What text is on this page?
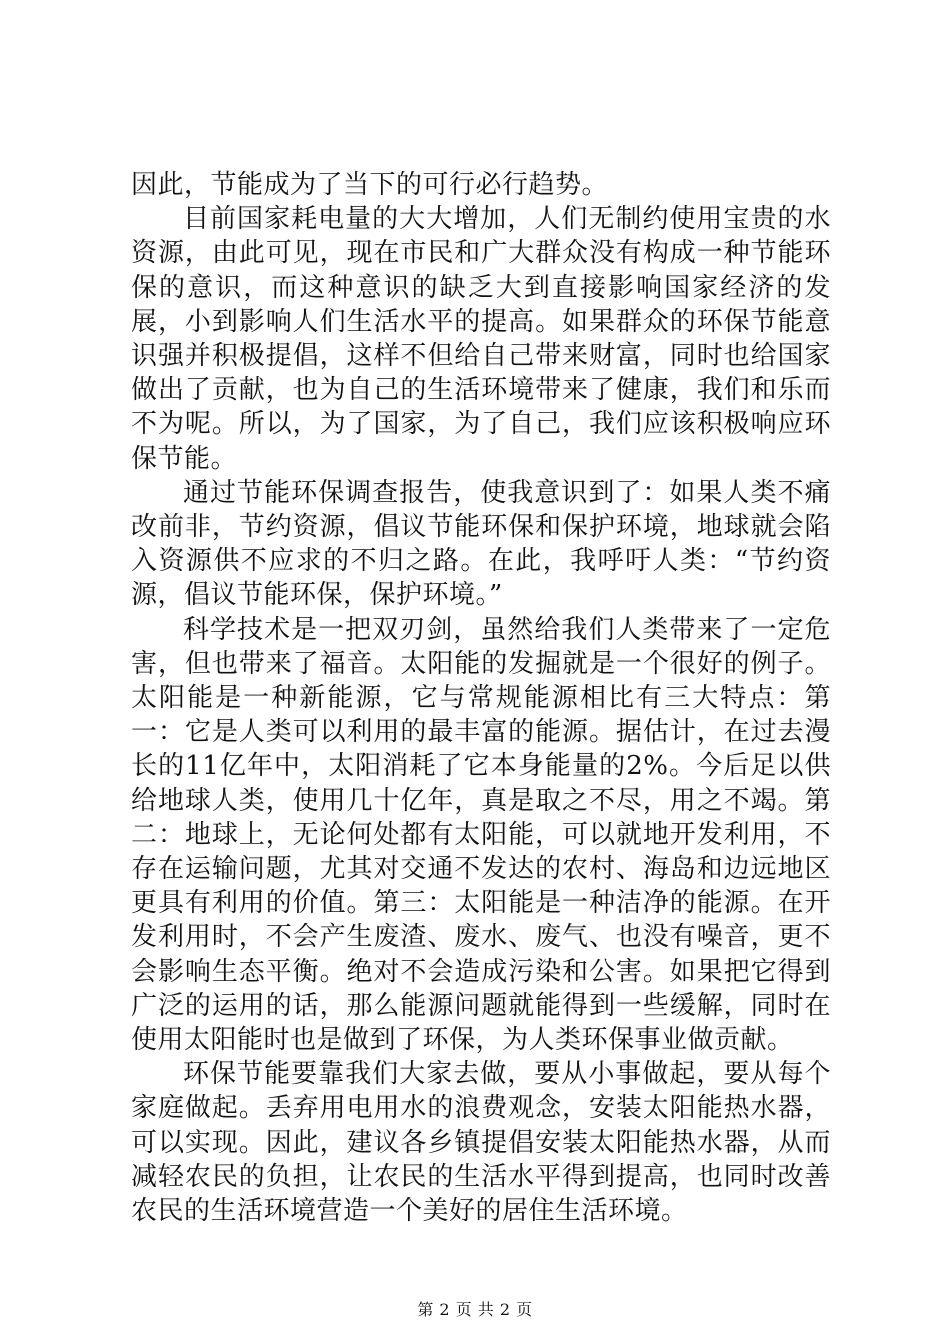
因此，节能成为了当下的可行必行趋势。

目前国家耗电量的大大增加，人们无制约使用宝贵的水资源，由此可见，现在市民和广大群众没有构成一种节能环保的意识，而这种意识的缺乏大到直接影响国家经济的发展，小到影响人们生活水平的提高。如果群众的环保节能意识强并积极提倡，这样不但给自己带来财富，同时也给国家做出了贡献，也为自己的生活环境带来了健康，我们和乐而不为呢。所以，为了国家，为了自己，我们应该积极响应环保节能。

通过节能环保调查报告，使我意识到了：如果人类不痛改前非，节约资源，倡议节能环保和保护环境，地球就会陷入资源供不应求的不归之路。在此，我呼吁人类：“节约资源，倡议节能环保，保护环境。”

科学技术是一把双刃剑，虽然给我们人类带来了一定危害，但也带来了福音。太阳能的发掘就是一个很好的例子。太阳能是一种新能源，它与常规能源相比有三大特点：第一：它是人类可以利用的最丰富的能源。据估计，在过去漫长的11亿年中，太阳消耗了它本身能量的2%。今后足以供给地球人类，使用几十亿年，真是取之不尽，用之不竭。第二：地球上，无论何处都有太阳能，可以就地开发利用，不存在运输问题，尤其对交通不发达的农村、海岛和边远地区更具有利用的价值。第三：太阳能是一种洁净的能源。在开发利用时，不会产生废渣、废水、废气、也没有噪音，更不会影响生态平衡。绝对不会造成污染和公害。如果把它得到广泛的运用的话，那么能源问题就能得到一些缓解，同时在使用太阳能时也是做到了环保，为人类环保事业做贡献。

环保节能要靠我们大家去做，要从小事做起，要从每个家庭做起。丢弃用电用水的浪费观念，安装太阳能热水器，可以实现。因此，建议各乡镇提倡安装太阳能热水器，从而减轻农民的负担，让农民的生活水平得到提高，也同时改善农民的生活环境营造一个美好的居住生活环境。

第 2 页 共 2 页
